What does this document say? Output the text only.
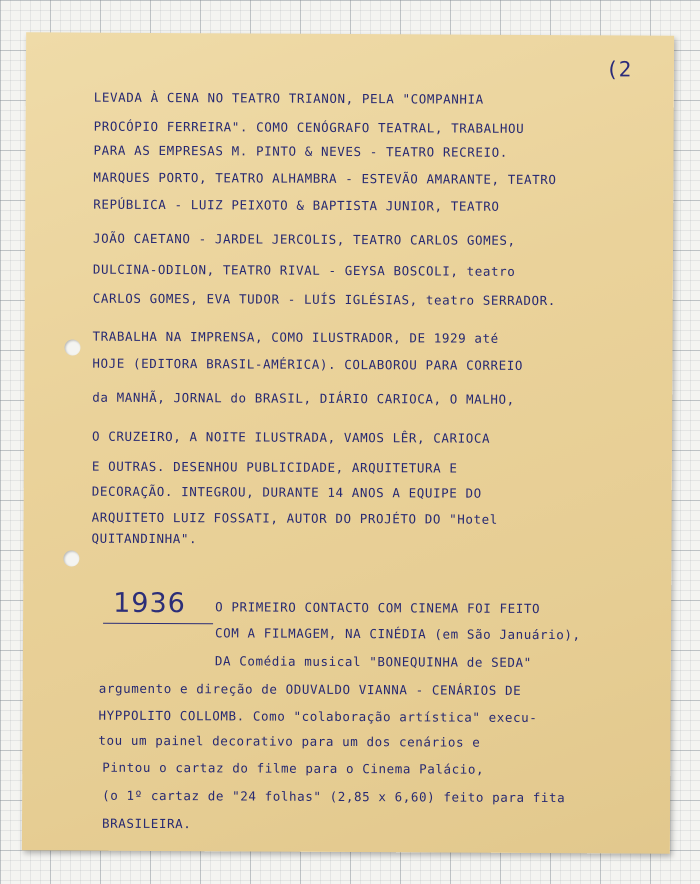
(2

LEVADA À CENA NO TEATRO TRIANON, PELA "COMPANHIA

PROCÓPIO FERREIRA". COMO CENÓGRAFO TEATRAL, TRABALHOU

PARA AS EMPRESAS M. PINTO & NEVES - TEATRO RECREIO.

MARQUES PORTO, TEATRO ALHAMBRA - ESTEVÃO AMARANTE, TEATRO

REPÚBLICA - LUIZ PEIXOTO & BAPTISTA JUNIOR, TEATRO

JOÃO CAETANO - JARDEL JERCOLIS, TEATRO CARLOS GOMES,

DULCINA-ODILON, TEATRO RIVAL - GEYSA BOSCOLI, teatro

CARLOS GOMES, EVA TUDOR - LUÍS IGLÉSIAS, teatro SERRADOR.

TRABALHA NA IMPRENSA, COMO ILUSTRADOR, DE 1929 até

HOJE (EDITORA BRASIL-AMÉRICA). COLABOROU PARA CORREIO

da MANHÃ, JORNAL do BRASIL, DIÁRIO CARIOCA, O MALHO,

O CRUZEIRO, A NOITE ILUSTRADA, VAMOS LÊR, CARIOCA

E OUTRAS. DESENHOU PUBLICIDADE, ARQUITETURA E

DECORAÇÃO. INTEGROU, DURANTE 14 ANOS A EQUIPE DO

ARQUITETO LUIZ FOSSATI, AUTOR DO PROJÉTO DO "Hotel

QUITANDINHA".

1936 O PRIMEIRO CONTACTO COM CINEMA FOI FEITO

COM A FILMAGEM, NA CINÉDIA (em São Januário),

DA Comédia musical "BONEQUINHA de SEDA"

argumento e direção de ODUVALDO VIANNA - CENÁRIOS DE

HYPPOLITO COLLOMB. Como "colaboração artística" execu-

tou um painel decorativo para um dos cenários e

Pintou o cartaz do filme para o Cinema Palácio,

(o 1º cartaz de "24 folhas" (2,85 x 6,60) feito para fita

BRASILEIRA.
